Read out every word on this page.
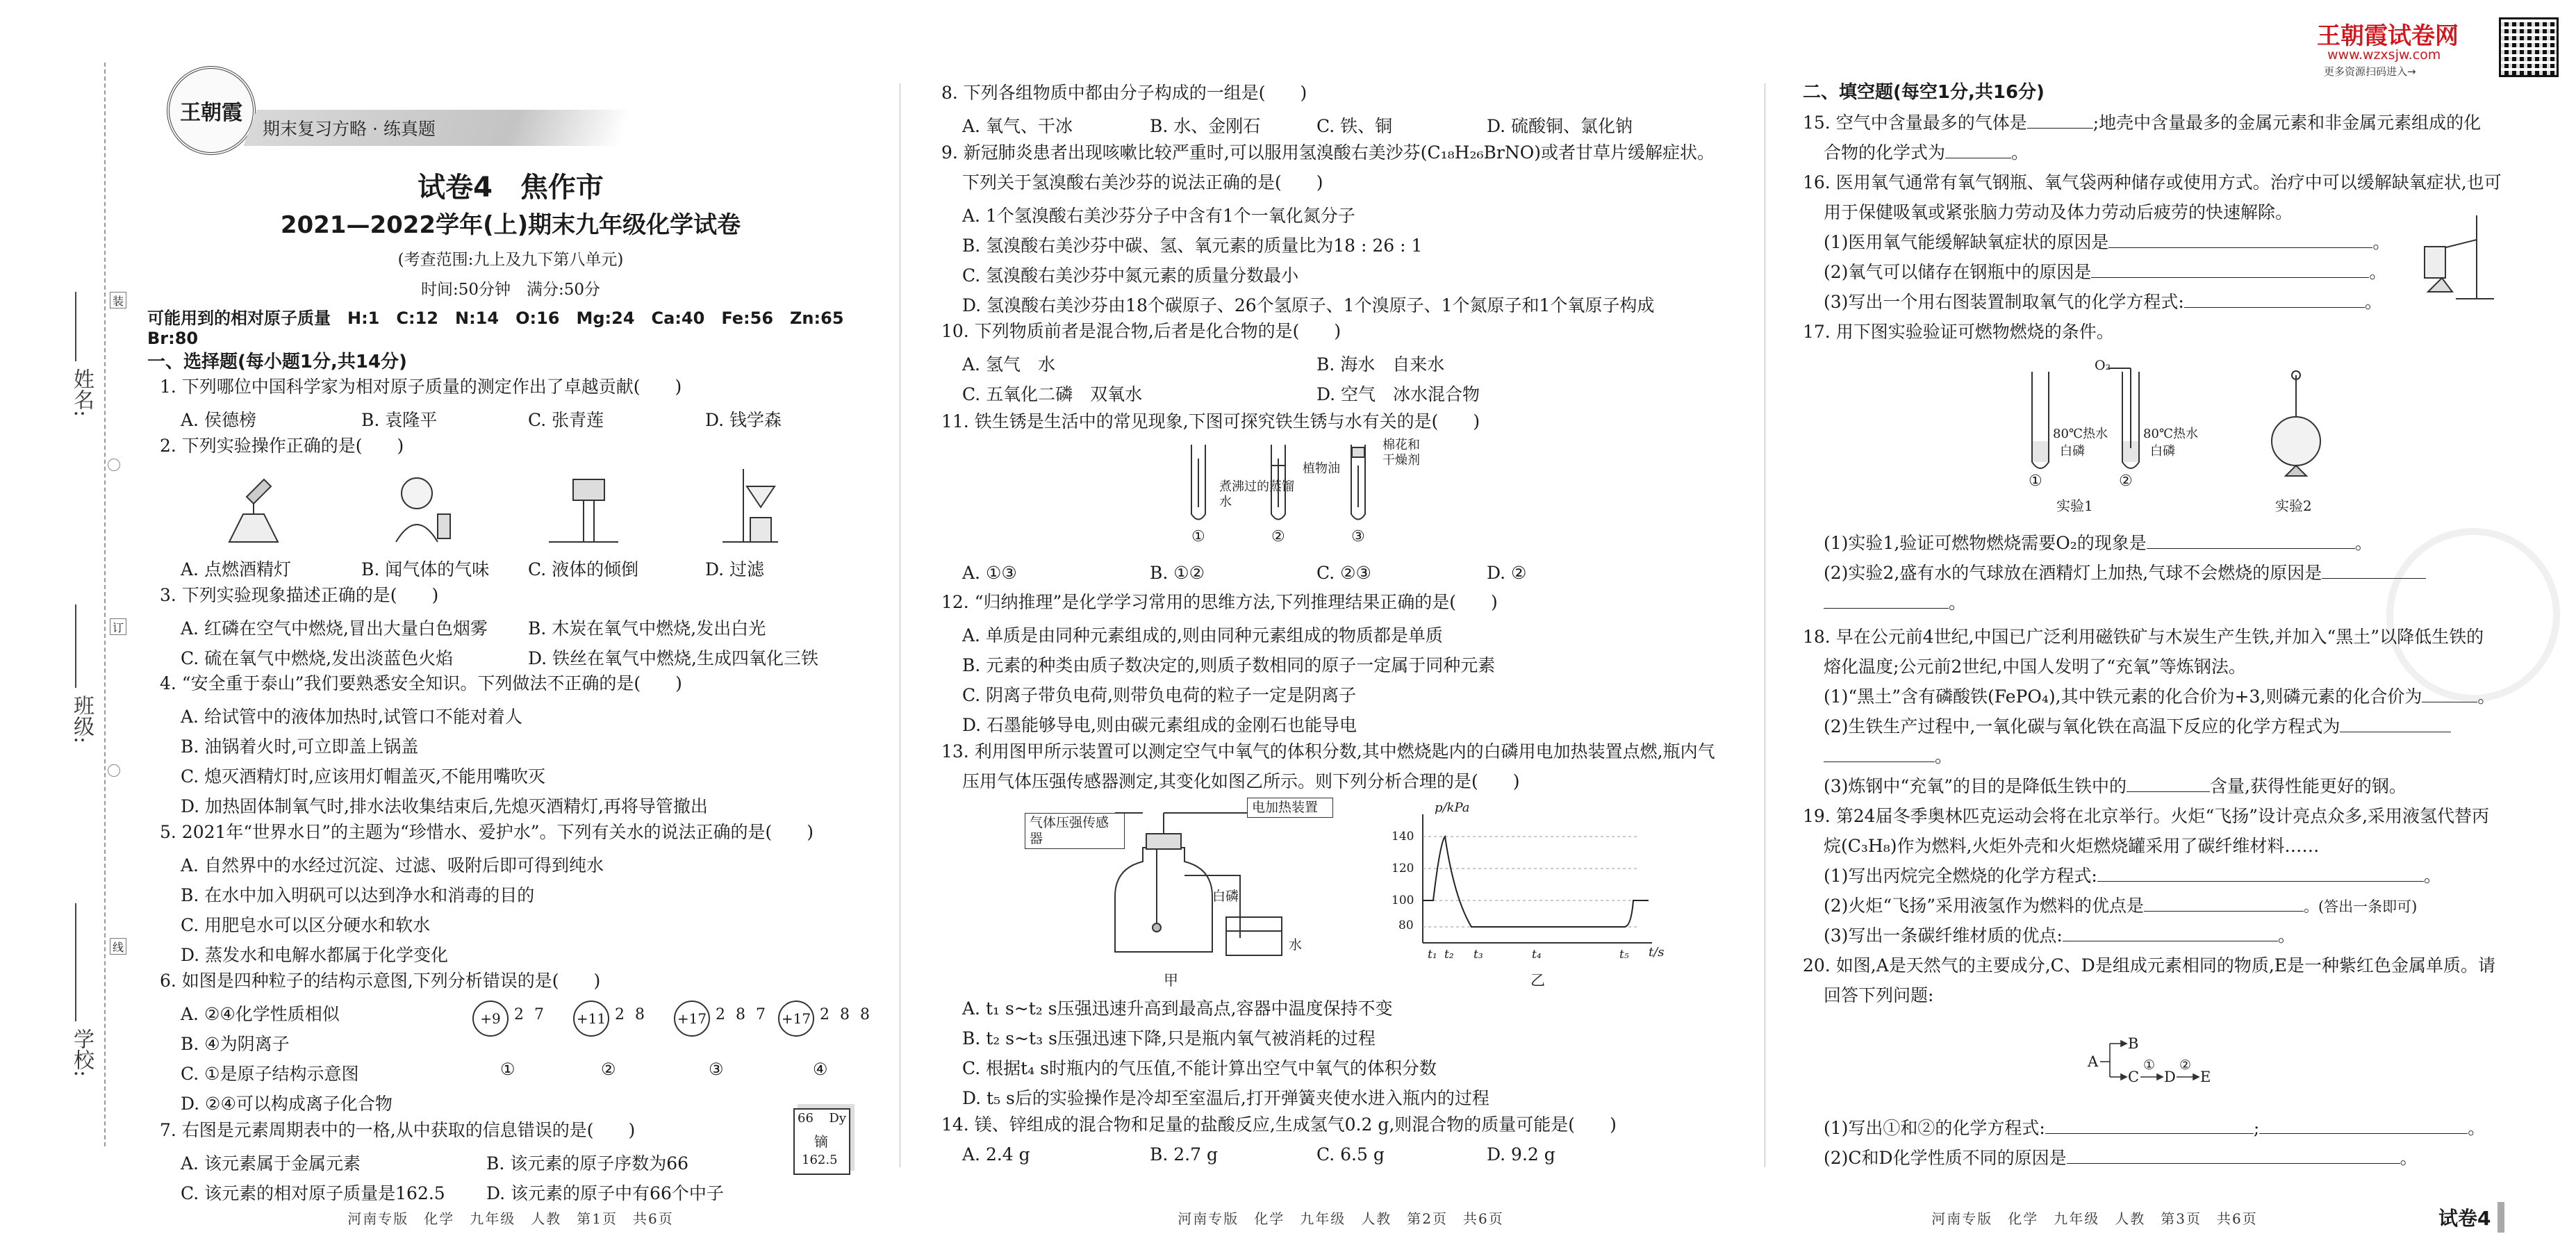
姓名:
班级:
学校:
装
订
线
王朝霞
期末复习方略 · 练真题
试卷4　焦作市
2021—2022学年(上)期末九年级化学试卷
(考查范围:九上及九下第八单元)
时间:50分钟　满分:50分
可能用到的相对原子质量　H:1　C:12　N:14　O:16　Mg:24　Ca:40　Fe:56　Zn:65　Br:80
一、选择题(每小题1分,共14分)
1. 下列哪位中国科学家为相对原子质量的测定作出了卓越贡献(　　)
A. 侯德榜	B. 袁隆平	C. 张青莲	D. 钱学森
2. 下列实验操作正确的是(　　)
A. 点燃酒精灯	B. 闻气体的气味 C. 液体的倾倒	D. 过滤
3. 下列实验现象描述正确的是(　　)
A. 红磷在空气中燃烧,冒出大量白色烟雾 B. 木炭在氧气中燃烧,发出白光
C. 硫在氧气中燃烧,发出淡蓝色火焰	D. 铁丝在氧气中燃烧,生成四氧化三铁
4. “安全重于泰山”我们要熟悉安全知识。下列做法不正确的是(　　)
A. 给试管中的液体加热时,试管口不能对着人
B. 油锅着火时,可立即盖上锅盖
C. 熄灭酒精灯时,应该用灯帽盖灭,不能用嘴吹灭
D. 加热固体制氧气时,排水法收集结束后,先熄灭酒精灯,再将导管撤出
5. 2021年“世界水日”的主题为“珍惜水、爱护水”。下列有关水的说法正确的是(　　)
A. 自然界中的水经过沉淀、过滤、吸附后即可得到纯水
B. 在水中加入明矾可以达到净水和消毒的目的
C. 用肥皂水可以区分硬水和软水
D. 蒸发水和电解水都属于化学变化
6. 如图是四种粒子的结构示意图,下列分析错误的是(　　)
A. ②④化学性质相似
B. ④为阴离子
C. ①是原子结构示意图
D. ②④可以构成离子化合物
+9 2 7
①
+11 2 8
②
+17 2 8 7
③
+17 2 8 8
④
7. 右图是元素周期表中的一格,从中获取的信息错误的是(　　)
A. 该元素属于金属元素	B. 该元素的原子序数为66
C. 该元素的相对原子质量是162.5 D. 该元素的原子中有66个中子
66 Dy
镝
162.5
河南专版　化学　九年级　人教　第1页　共6页
8. 下列各组物质中都由分子构成的一组是(　　)
A. 氧气、干冰	B. 水、金刚石	C. 铁、铜	D. 硫酸铜、氯化钠
9. 新冠肺炎患者出现咳嗽比较严重时,可以服用氢溴酸右美沙芬(C₁₈H₂₆BrNO)或者甘草片缓解症状。
下列关于氢溴酸右美沙芬的说法正确的是(　　)
A. 1个氢溴酸右美沙芬分子中含有1个一氧化氮分子
B. 氢溴酸右美沙芬中碳、氢、氧元素的质量比为18 : 26 : 1
C. 氢溴酸右美沙芬中氮元素的质量分数最小
D. 氢溴酸右美沙芬由18个碳原子、26个氢原子、1个溴原子、1个氮原子和1个氧原子构成
10. 下列物质前者是混合物,后者是化合物的是(　　)
A. 氢气　水	B. 海水　自来水
C. 五氧化二磷　双氧水	D. 空气　冰水混合物
11. 铁生锈是生活中的常见现象,下图可探究铁生锈与水有关的是(　　)
煮沸过的蒸馏水
植物油
棉花和干燥剂
①	②	③
A. ①③	B. ①②	C. ②③	D. ②
12. “归纳推理”是化学学习常用的思维方法,下列推理结果正确的是(　　)
A. 单质是由同种元素组成的,则由同种元素组成的物质都是单质
B. 元素的种类由质子数决定的,则质子数相同的原子一定属于同种元素
C. 阴离子带负电荷,则带负电荷的粒子一定是阴离子
D. 石墨能够导电,则由碳元素组成的金刚石也能导电
13. 利用图甲所示装置可以测定空气中氧气的体积分数,其中燃烧匙内的白磷用电加热装置点燃,瓶内气
压用气体压强传感器测定,其变化如图乙所示。则下列分析合理的是(　　)
气体压强传感器
电加热装置
白磷
水
甲
p/kPa
140
120
100
80
t₁ t₂ t₃	t₄	t₅ t/s
乙
A. t₁ s~t₂ s压强迅速升高到最高点,容器中温度保持不变
B. t₂ s~t₃ s压强迅速下降,只是瓶内氧气被消耗的过程
C. 根据t₄ s时瓶内的气压值,不能计算出空气中氧气的体积分数
D. t₅ s后的实验操作是冷却至室温后,打开弹簧夹使水进入瓶内的过程
14. 镁、锌组成的混合物和足量的盐酸反应,生成氢气0.2 g,则混合物的质量可能是(　　)
A. 2.4 g	B. 2.7 g	C. 6.5 g	D. 9.2 g
河南专版　化学　九年级　人教　第2页　共6页
王朝霞试卷网
www.wzxsjw.com
更多资源扫码进入→
二、填空题(每空1分,共16分)
15. 空气中含量最多的气体是	;地壳中含量最多的金属元素和非金属元素组成的化
合物的化学式为	。
16. 医用氧气通常有氧气钢瓶、氧气袋两种储存或使用方式。治疗中可以缓解缺氧症状,也可
用于保健吸氧或紧张脑力劳动及体力劳动后疲劳的快速解除。
(1)医用氧气能缓解缺氧症状的原因是	。
(2)氧气可以储存在钢瓶中的原因是	。
(3)写出一个用右图装置制取氧气的化学方程式:	。
17. 用下图实验验证可燃物燃烧的条件。
O₂
80℃热水
白磷
80℃热水
白磷
①	②
实验1	实验2
(1)实验1,验证可燃物燃烧需要O₂的现象是	。
(2)实验2,盛有水的气球放在酒精灯上加热,气球不会燃烧的原因是
。
18. 早在公元前4世纪,中国已广泛利用磁铁矿与木炭生产生铁,并加入“黑土”以降低生铁的
熔化温度;公元前2世纪,中国人发明了“充氧”等炼钢法。
(1)“黑土”含有磷酸铁(FePO₄),其中铁元素的化合价为+3,则磷元素的化合价为	。
(2)生铁生产过程中,一氧化碳与氧化铁在高温下反应的化学方程式为
。
(3)炼钢中“充氧”的目的是降低生铁中的	含量,获得性能更好的钢。
19. 第24届冬季奥林匹克运动会将在北京举行。火炬“飞扬”设计亮点众多,采用液氢代替丙
烷(C₃H₈)作为燃料,火炬外壳和火炬燃烧罐采用了碳纤维材料……
(1)写出丙烷完全燃烧的化学方程式:	。
(2)火炬“飞扬”采用液氢作为燃料的优点是	。(答出一条即可)
(3)写出一条碳纤维材质的优点:	。
20. 如图,A是天然气的主要成分,C、D是组成元素相同的物质,E是一种紫红色金属单质。请
回答下列问题:
A
B
C D E
① ②
(1)写出①和②的化学方程式:	;	。
(2)C和D化学性质不同的原因是	。
河南专版　化学　九年级　人教　第3页　共6页	试卷4
